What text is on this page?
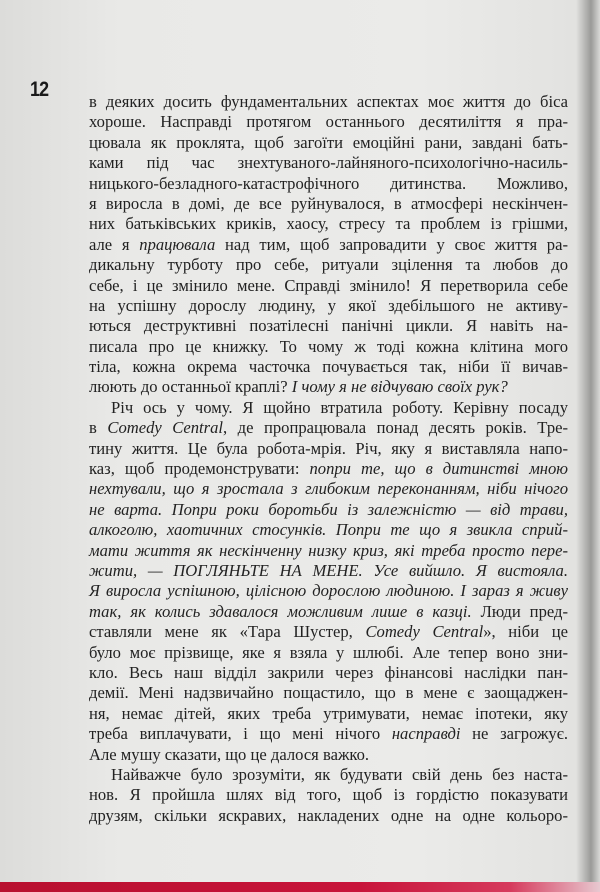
12
в деяких досить фундаментальних аспектах моє життя до біса
хороше. Насправді протягом останнього десятиліття я пра-
цювала як проклята, щоб загоїти емоційні рани, завдані бать-
ками під час знехтуваного-лайняного-психологічно-насиль-
ницького-безладного-катастрофічного дитинства. Можливо,
я виросла в домі, де все руйнувалося, в атмосфері нескінчен-
них батьківських криків, хаосу, стресу та проблем із грішми,
але я працювала над тим, щоб запровадити у своє життя ра-
дикальну турботу про себе, ритуали зцілення та любов до
себе, і це змінило мене. Справді змінило! Я перетворила себе
на успішну дорослу людину, у якої здебільшого не активу-
ються деструктивні позатілесні панічні цикли. Я навіть на-
писала про це книжку. То чому ж тоді кожна клітина мого
тіла, кожна окрема часточка почувається так, ніби її вичав-
люють до останньої краплі? І чому я не відчуваю своїх рук?
Річ ось у чому. Я щойно втратила роботу. Керівну посаду
в Comedy Central, де пропрацювала понад десять років. Тре-
тину життя. Це була робота-мрія. Річ, яку я виставляла напо-
каз, щоб продемонструвати: попри те, що в дитинстві мною
нехтували, що я зростала з глибоким переконанням, ніби нічого
не варта. Попри роки боротьби із залежністю — від трави,
алкоголю, хаотичних стосунків. Попри те що я звикла сприй-
мати життя як нескінченну низку криз, які треба просто пере-
жити, — ПОГЛЯНЬТЕ НА МЕНЕ. Усе вийшло. Я вистояла.
Я виросла успішною, цілісною дорослою людиною. І зараз я живу
так, як колись здавалося можливим лише в казці. Люди пред-
ставляли мене як «Тара Шустер, Comedy Central», ніби це
було моє прізвище, яке я взяла у шлюбі. Але тепер воно зни-
кло. Весь наш відділ закрили через фінансові наслідки пан-
демії. Мені надзвичайно пощастило, що в мене є заощаджен-
ня, немає дітей, яких треба утримувати, немає іпотеки, яку
треба виплачувати, і що мені нічого насправді не загрожує.
Але мушу сказати, що це далося важко.
Найважче було зрозуміти, як будувати свій день без наста-
нов. Я пройшла шлях від того, щоб із гордістю показувати
друзям, скільки яскравих, накладених одне на одне кольоро-
